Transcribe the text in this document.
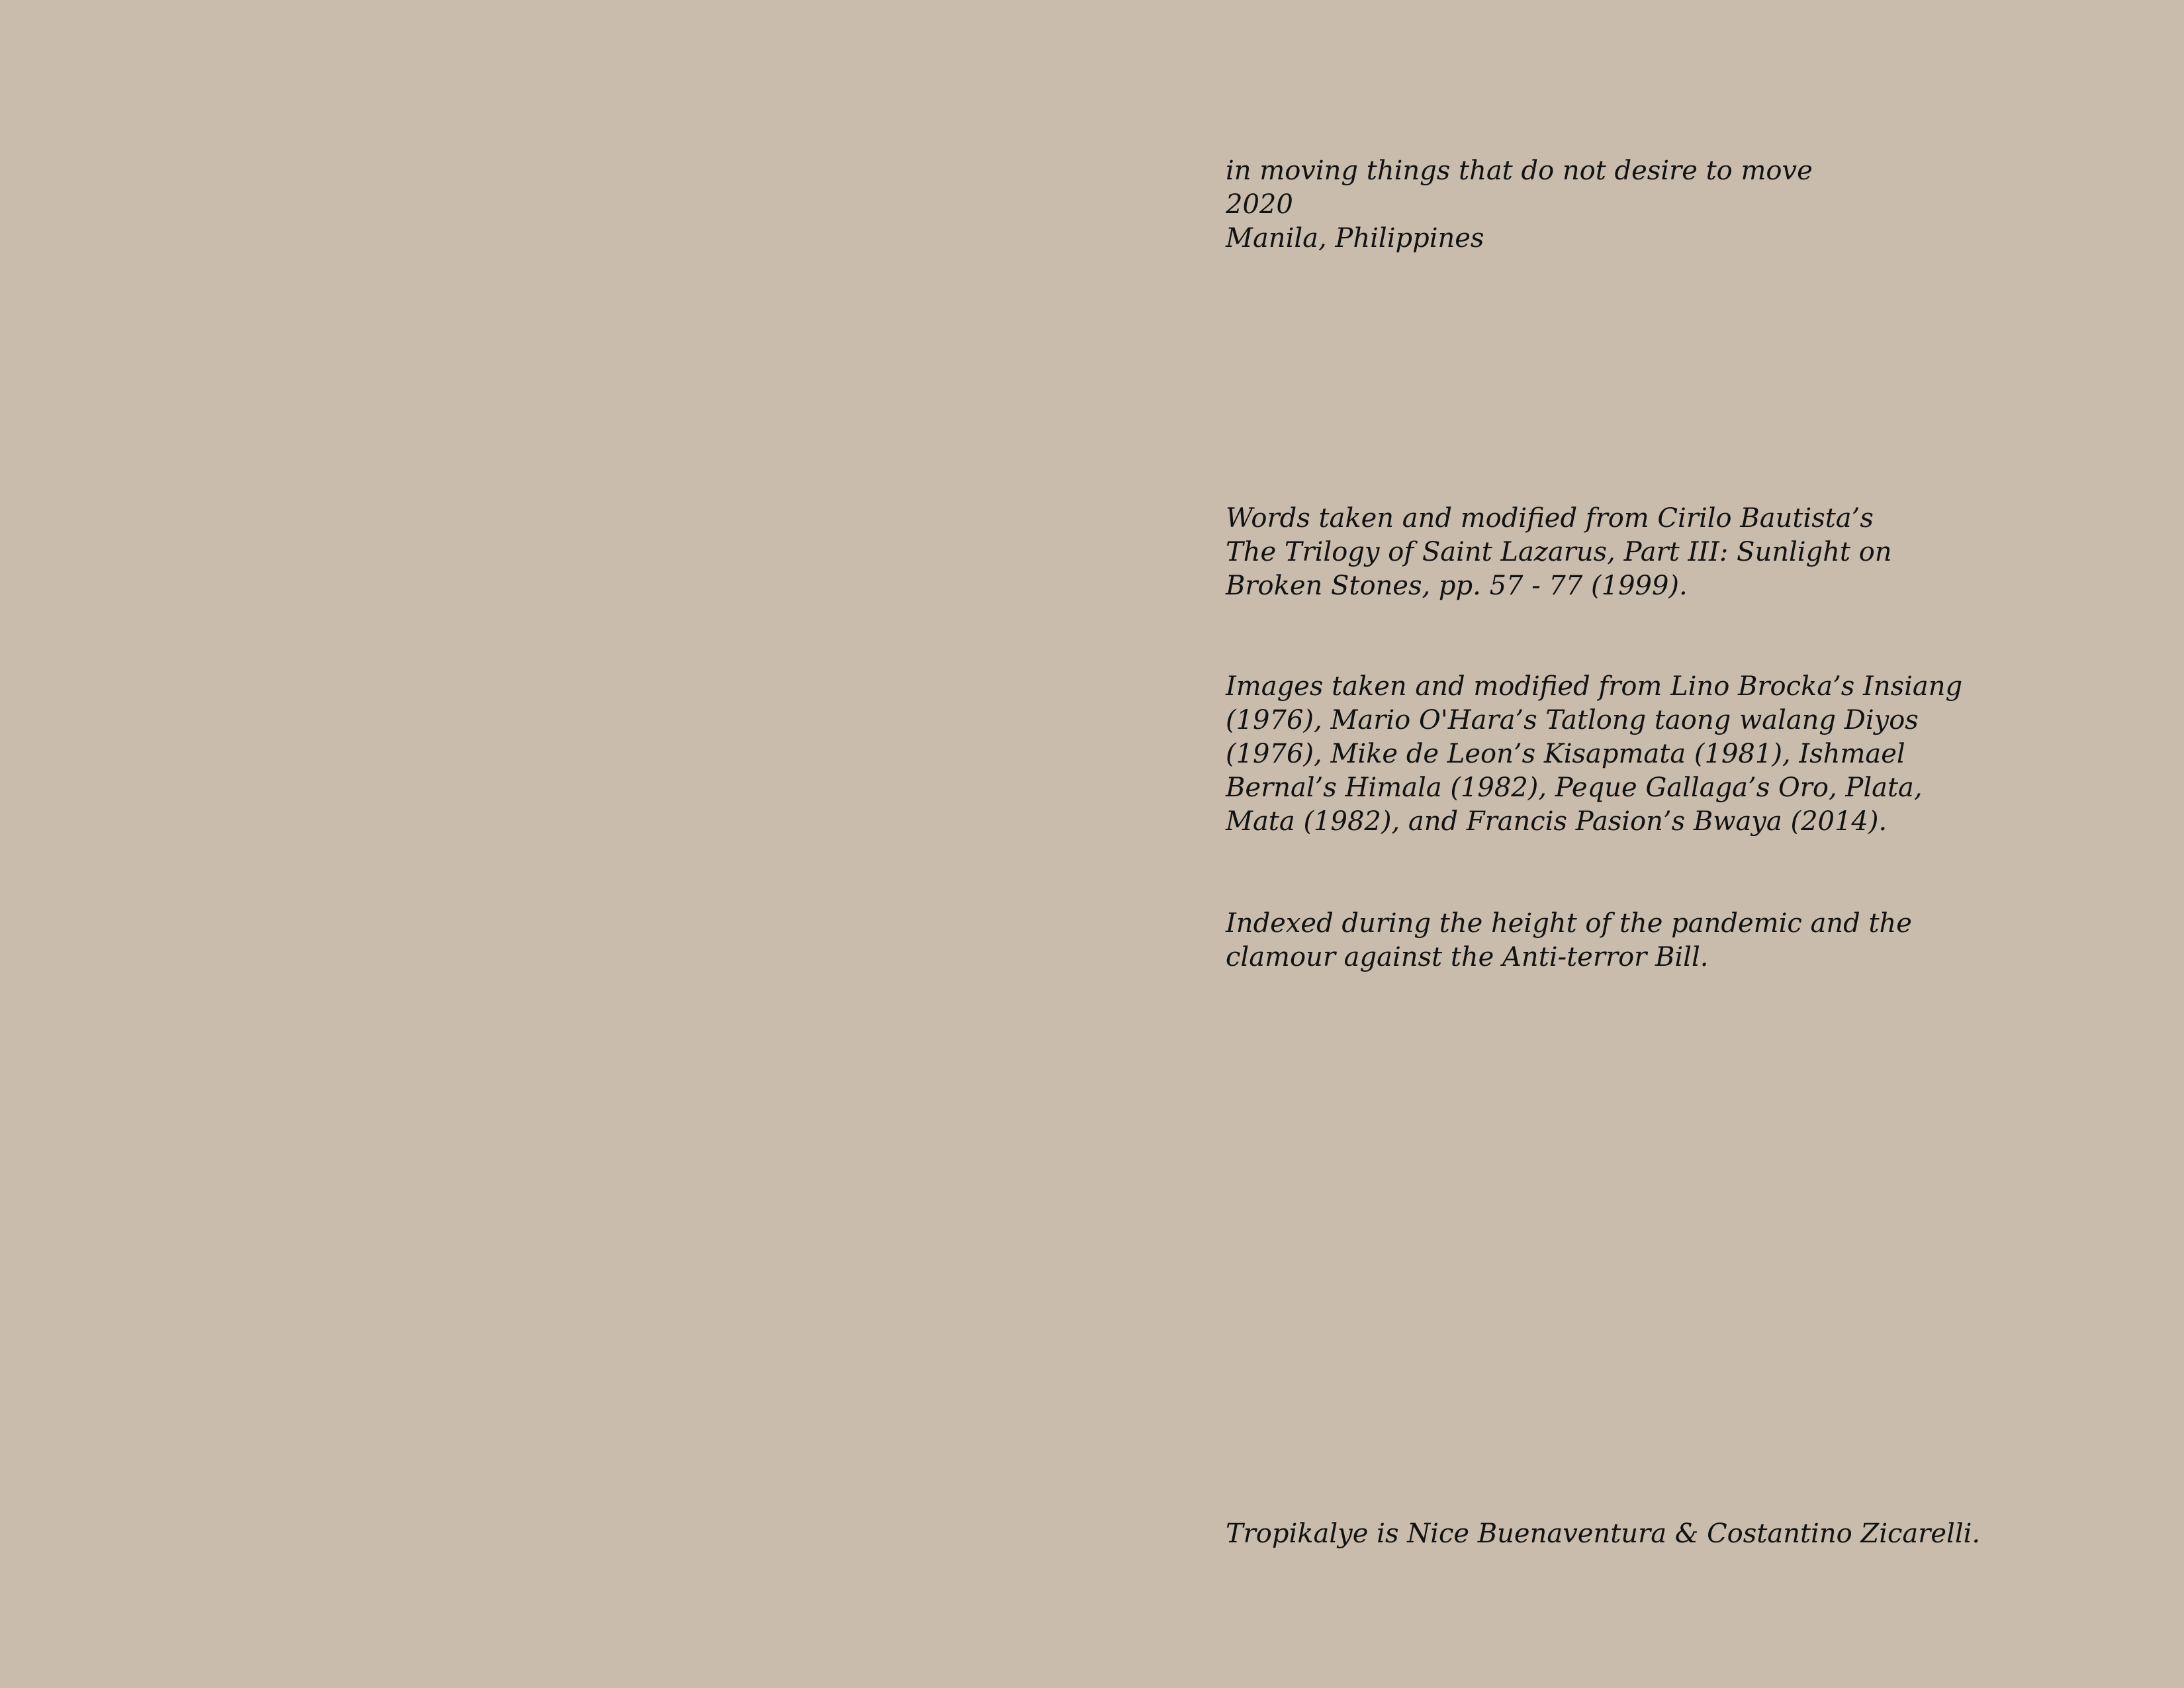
in moving things that do not desire to move
2020
Manila, Philippines
Words taken and modified from Cirilo Bautista’s
The Trilogy of Saint Lazarus, Part III: Sunlight on
Broken Stones, pp. 57 - 77 (1999).
Images taken and modified from Lino Brocka’s Insiang
(1976), Mario O'Hara’s Tatlong taong walang Diyos
(1976), Mike de Leon’s Kisapmata (1981), Ishmael
Bernal’s Himala (1982), Peque Gallaga’s Oro, Plata,
Mata (1982), and Francis Pasion’s Bwaya (2014).
Indexed during the height of the pandemic and the
clamour against the Anti-terror Bill.
Tropikalye is Nice Buenaventura & Costantino Zicarelli.
